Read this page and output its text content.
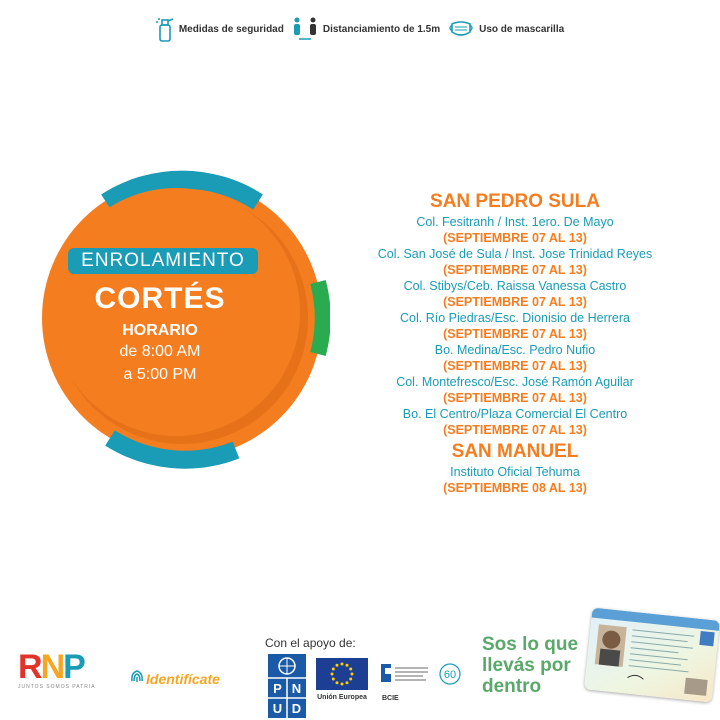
Medidas de seguridad	Distanciamiento de 1.5m	Uso de mascarilla
ENROLAMIENTO
CORTÉS
HORARIO
de 8:00 AM
a 5:00 PM
SAN PEDRO SULA
Col. Fesitranh / Inst. 1ero. De Mayo
(SEPTIEMBRE 07 AL 13)
Col. San José de Sula / Inst. Jose Trinidad Reyes
(SEPTIEMBRE 07 AL 13)
Col. Stibys/Ceb. Raissa Vanessa Castro
(SEPTIEMBRE 07 AL 13)
Col. Río Piedras/Esc. Dionisio de Herrera
(SEPTIEMBRE 07 AL 13)
Bo. Medina/Esc. Pedro Nufio
(SEPTIEMBRE 07 AL 13)
Col. Montefresco/Esc. José Ramón Aguilar
(SEPTIEMBRE 07 AL 13)
Bo. El Centro/Plaza Comercial El Centro
(SEPTIEMBRE 07 AL 13)
SAN MANUEL
Instituto Oficial Tehuma
(SEPTIEMBRE 08 AL 13)
RNP
JUNTOS SOMOS PATRIA
Identifícate
Con el apoyo de:
P N
U D
Unión Europea
60
BCIE
Sos lo que llevás por dentro
